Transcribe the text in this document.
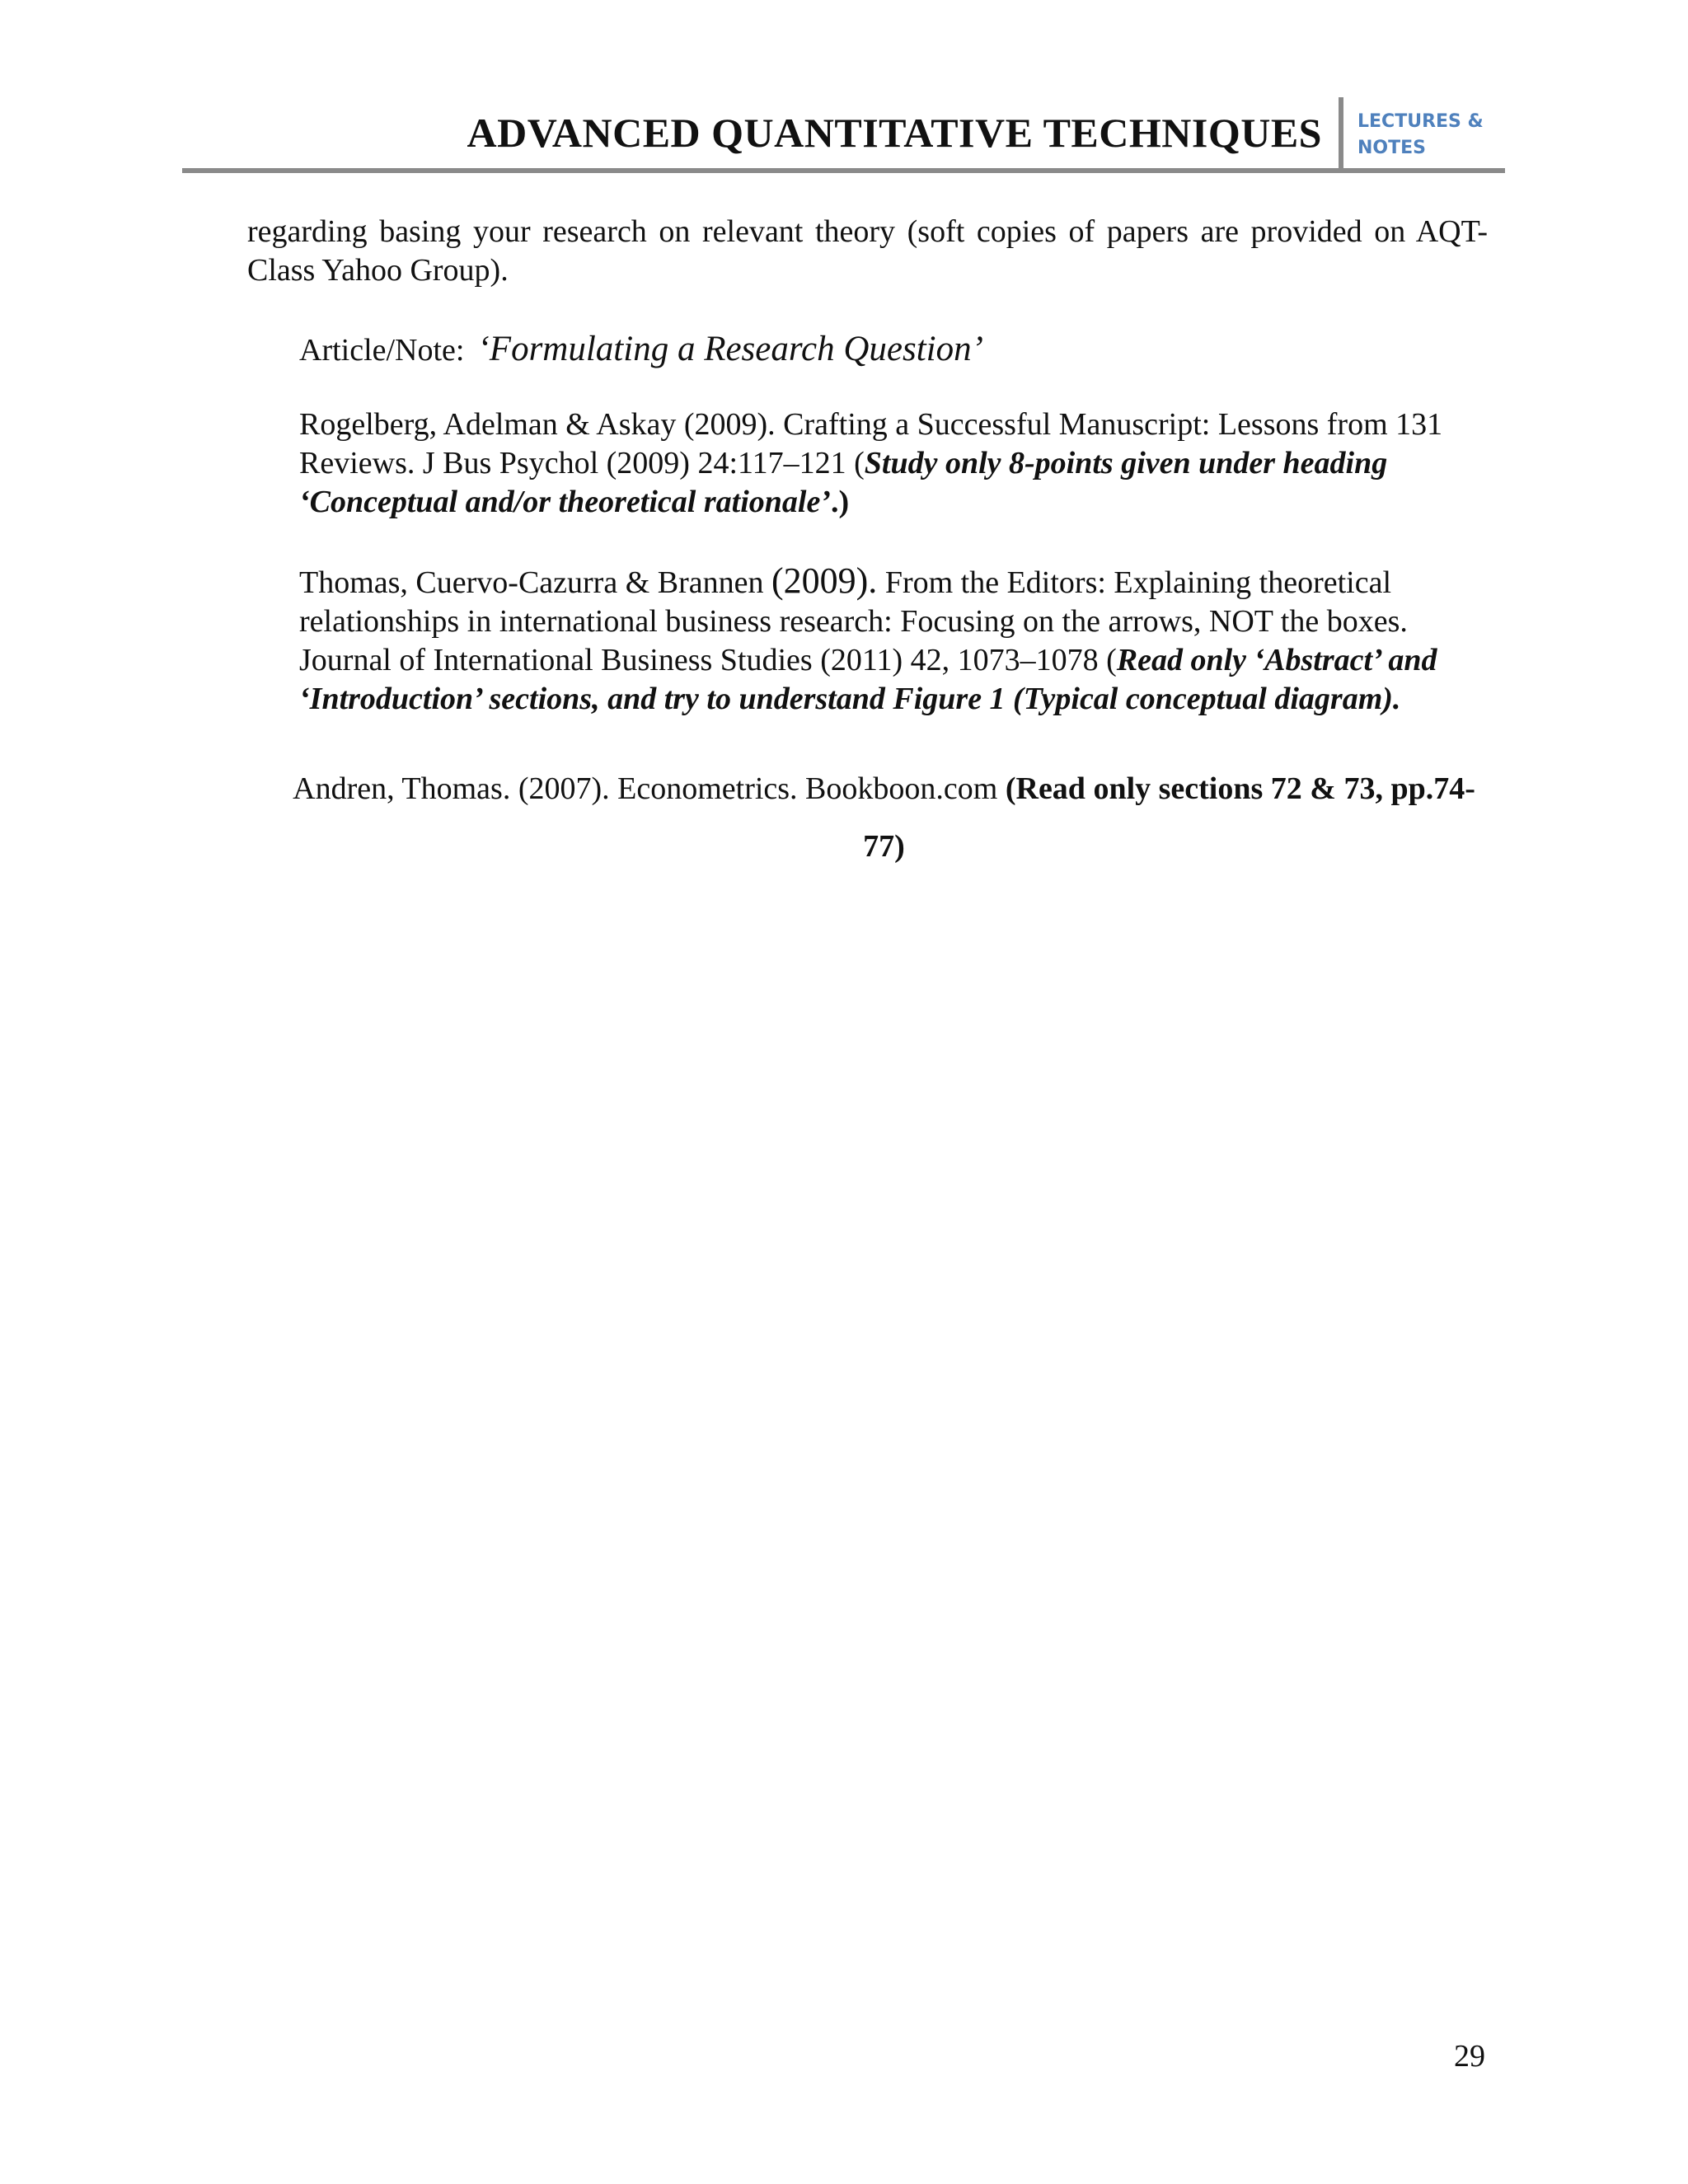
ADVANCED QUANTITATIVE TECHNIQUES LECTURES &
NOTES

regarding basing your research on relevant theory (soft copies of papers are provided on AQT-Class Yahoo Group).

Article/Note: ‘Formulating a Research Question’
Rogelberg, Adelman & Askay (2009). Crafting a Successful Manuscript: Lessons from 131 Reviews. J Bus Psychol (2009) 24:117–121 (Study only 8-points given under heading ‘Conceptual and/or theoretical rationale’.)
Thomas, Cuervo-Cazurra & Brannen (2009). From the Editors: Explaining theoretical relationships in international business research: Focusing on the arrows, NOT the boxes. Journal of International Business Studies (2011) 42, 1073–1078 (Read only ‘Abstract’ and ‘Introduction’ sections, and try to understand Figure 1 (Typical conceptual diagram).
Andren, Thomas. (2007). Econometrics. Bookboon.com (Read only sections 72 & 73, pp.74-77)
29
